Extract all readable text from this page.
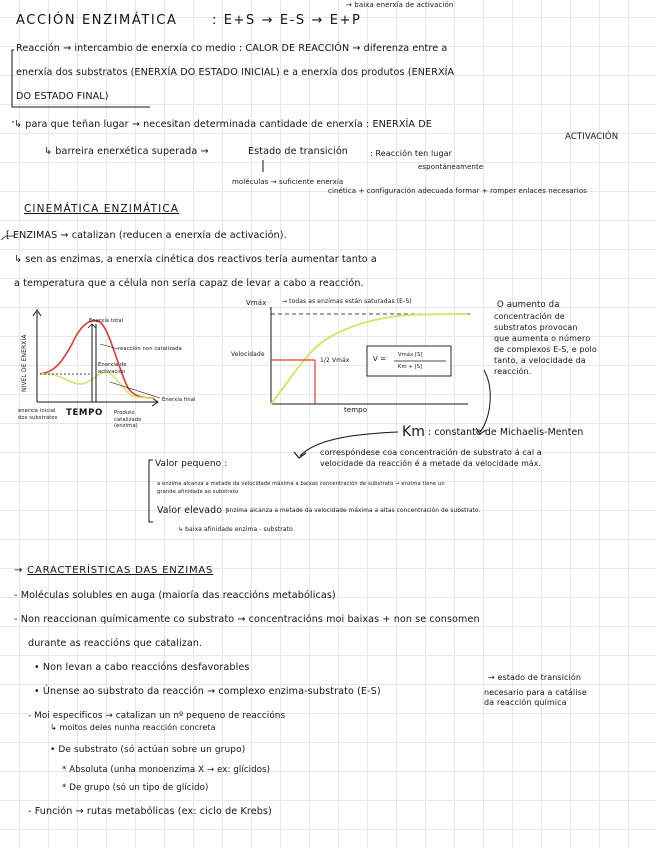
→ baixa enerxía de activación
ACCIÓN ENZIMÁTICA	: E+S → E-S → E+P
Reacción → intercambio de enerxía co medio : CALOR DE REACCIÓN → diferenza entre a
enerxía dos substratos (ENERXÍA DO ESTADO INICIAL) e a enerxía dos produtos (ENERXÍA
DO ESTADO FINAL)
↳ para que teñan lugar → necesitan determinada cantidade de enerxía : ENERXÍA DE
ACTIVACIÓN
↳ barreira enerxética superada →	Estado de transición	: Reacción ten lugar
espontáneamente
moléculas → suficiente enerxía
cinética + configuración adecuada formar + romper enlaces necesarios
CINEMÁTICA ENZIMÁTICA
[ ENZIMAS → catalizan (reducen a enerxía de activación).
↳ sen as enzimas, a enerxía cinética dos reactivos tería aumentar tanto a
a temperatura que a célula non sería capaz de levar a cabo a reacción.
NIVEL DE ENERXÍA
Enerxía total
reacción non catalizada
Enerxía de activación
Enerxía final
enerxía inicial dos substratos TEMPO Produto catalizado (enzima)
Vmáx	→ todas as enzimas están saturadas (E-S)
Velocidade
1/2 Vmáx	V = Vmáx [S]
Km + [S]
tempo
O aumento da
concentración de
substratos provocan
que aumenta o número
de complexos E-S, e polo
tanto, a velocidade da
reacción.
Km : constante de Michaelis-Menten
correspóndese coa concentración de substrato á cal a
velocidade da reacción é a metade da velocidade máx.
Valor pequeno :
a enzima alcanza a metade da velocidade máxima a baixas concentración de substrato → enzima tiene un
grande afinidade ao substrato
Valor elevado :
enzima alcanza a metade da velocidade máxima a altas concentración de substrato.
↳ baixa afinidade enzima - substrato
→ CARACTERÍSTICAS DAS ENZIMAS
- Moléculas solubles en auga (maioría das reaccións metabólicas)
- Non reaccionan químicamente co substrato → concentracións moi baixas + non se consomen
durante as reaccións que catalizan.
• Non levan a cabo reaccións desfavorables
• Únense ao substrato da reacción → complexo enzima-substrato (E-S)
→ estado de transición
necesario para a catálise
da reacción química
- Moi específicos → catalizan un nº pequeno de reaccións
↳ moitos deles nunha reacción concreta
• De substrato (só actúan sobre un grupo)
* Absoluta (unha monoenzima X → ex: glícidos)
* De grupo (só un tipo de glícido)
- Función → rutas metabólicas (ex: ciclo de Krebs)
